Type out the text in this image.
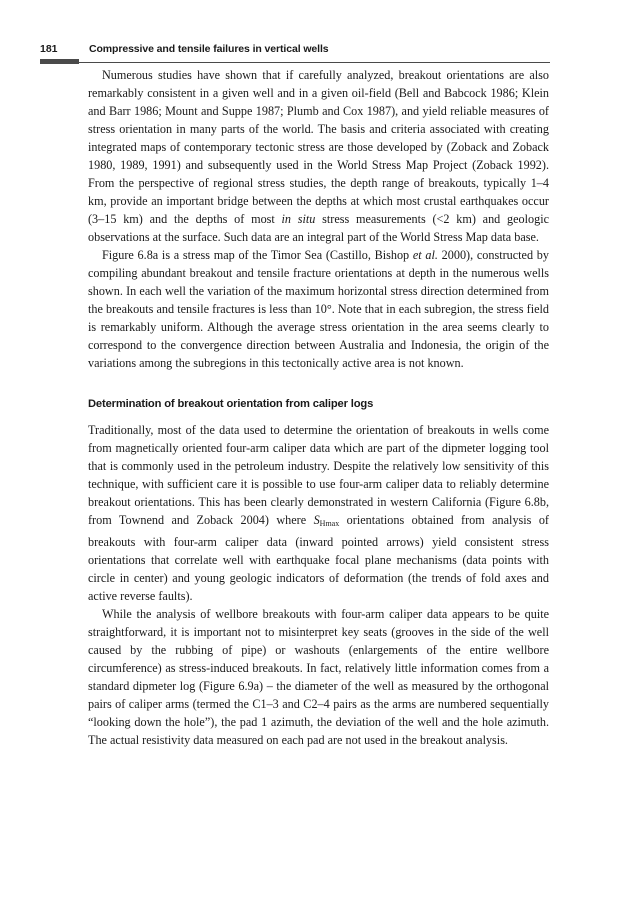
181	Compressive and tensile failures in vertical wells

Numerous studies have shown that if carefully analyzed, breakout orientations are also remarkably consistent in a given well and in a given oil-field (Bell and Babcock 1986; Klein and Barr 1986; Mount and Suppe 1987; Plumb and Cox 1987), and yield reliable measures of stress orientation in many parts of the world. The basis and criteria associated with creating integrated maps of contemporary tectonic stress are those developed by (Zoback and Zoback 1980, 1989, 1991) and subsequently used in the World Stress Map Project (Zoback 1992). From the perspective of regional stress studies, the depth range of breakouts, typically 1–4 km, provide an important bridge between the depths at which most crustal earthquakes occur (3–15 km) and the depths of most in situ stress measurements (<2 km) and geologic observations at the surface. Such data are an integral part of the World Stress Map data base.

Figure 6.8a is a stress map of the Timor Sea (Castillo, Bishop et al. 2000), constructed by compiling abundant breakout and tensile fracture orientations at depth in the numerous wells shown. In each well the variation of the maximum horizontal stress direction determined from the breakouts and tensile fractures is less than 10°. Note that in each subregion, the stress field is remarkably uniform. Although the average stress orientation in the area seems clearly to correspond to the convergence direction between Australia and Indonesia, the origin of the variations among the subregions in this tectonically active area is not known.

Determination of breakout orientation from caliper logs

Traditionally, most of the data used to determine the orientation of breakouts in wells come from magnetically oriented four-arm caliper data which are part of the dipmeter logging tool that is commonly used in the petroleum industry. Despite the relatively low sensitivity of this technique, with sufficient care it is possible to use four-arm caliper data to reliably determine breakout orientations. This has been clearly demonstrated in western California (Figure 6.8b, from Townend and Zoback 2004) where $S_{Hmax}$ orientations obtained from analysis of breakouts with four-arm caliper data (inward pointed arrows) yield consistent stress orientations that correlate well with earthquake focal plane mechanisms (data points with circle in center) and young geologic indicators of deformation (the trends of fold axes and active reverse faults).

While the analysis of wellbore breakouts with four-arm caliper data appears to be quite straightforward, it is important not to misinterpret key seats (grooves in the side of the well caused by the rubbing of pipe) or washouts (enlargements of the entire wellbore circumference) as stress-induced breakouts. In fact, relatively little information comes from a standard dipmeter log (Figure 6.9a) – the diameter of the well as measured by the orthogonal pairs of caliper arms (termed the C1–3 and C2–4 pairs as the arms are numbered sequentially “looking down the hole”), the pad 1 azimuth, the deviation of the well and the hole azimuth. The actual resistivity data measured on each pad are not used in the breakout analysis.
